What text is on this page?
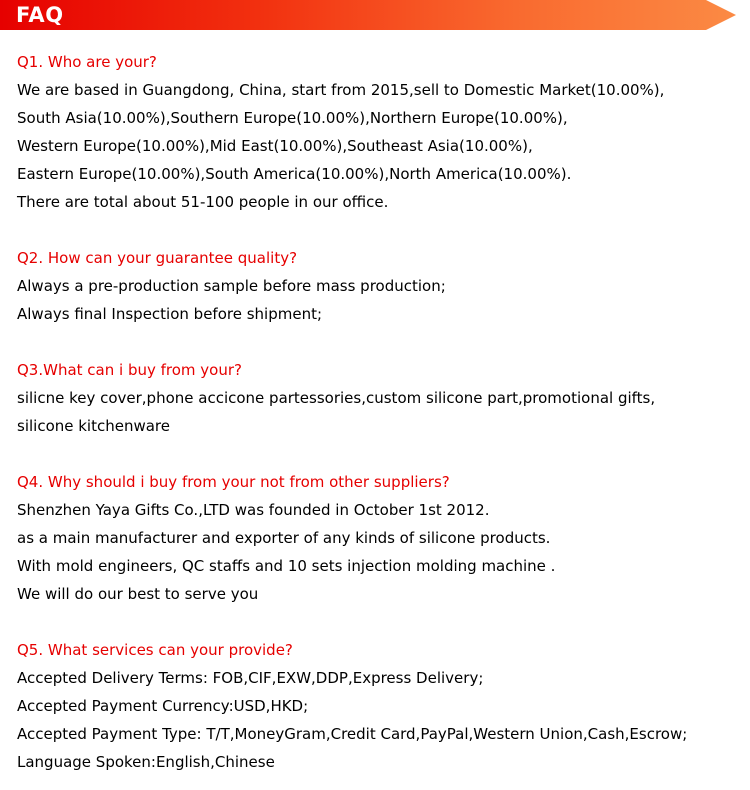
FAQ
Q1. Who are your?
We are based in Guangdong, China, start from 2015,sell to Domestic Market(10.00%),
South Asia(10.00%),Southern Europe(10.00%),Northern Europe(10.00%),
Western Europe(10.00%),Mid East(10.00%),Southeast Asia(10.00%),
Eastern Europe(10.00%),South America(10.00%),North America(10.00%).
There are total about 51-100 people in our office.
Q2. How can your guarantee quality?
Always a pre-production sample before mass production;
Always final Inspection before shipment;
Q3.What can i buy from your?
silicne key cover,phone accicone partessories,custom silicone part,promotional gifts,
silicone kitchenware
Q4. Why should i buy from your not from other suppliers?
Shenzhen Yaya Gifts Co.,LTD was founded in October 1st 2012.
as a main manufacturer and exporter of any kinds of silicone products.
With mold engineers, QC staffs and 10 sets injection molding machine .
We will do our best to serve you
Q5. What services can your provide?
Accepted Delivery Terms: FOB,CIF,EXW,DDP,Express Delivery;
Accepted Payment Currency:USD,HKD;
Accepted Payment Type: T/T,MoneyGram,Credit Card,PayPal,Western Union,Cash,Escrow;
Language Spoken:English,Chinese
